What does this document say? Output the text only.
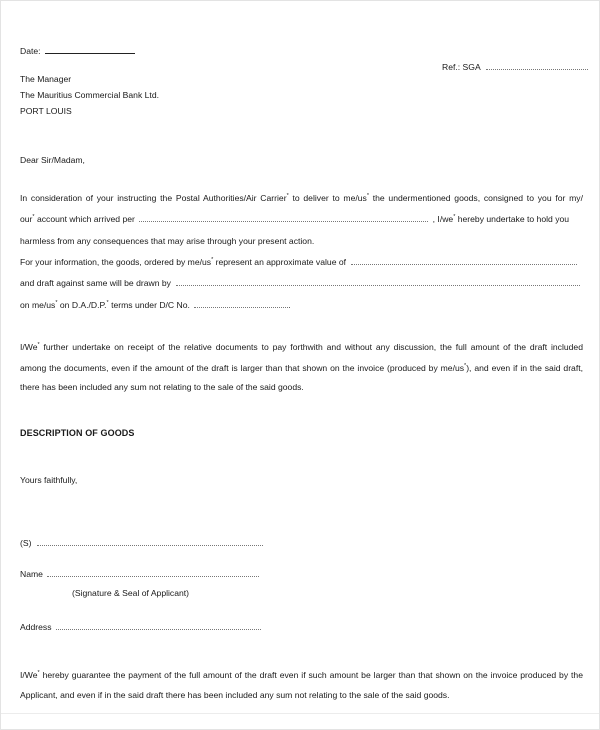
Date:
Ref.: SGA
The Manager
The Mauritius Commercial Bank Ltd.
PORT LOUIS
Dear Sir/Madam,
In consideration of your instructing the Postal Authorities/Air Carrier* to deliver to me/us* the undermentioned goods, consigned to you for my/
our* account which arrived per	, I/we* hereby undertake to hold you
harmless from any consequences that may arise through your present action.
For your information, the goods, ordered by me/us* represent an approximate value of
and draft against same will be drawn by
on me/us* on D.A./D.P.* terms under D/C No.	.
I/We* further undertake on receipt of the relative documents to pay forthwith and without any discussion, the full amount of the draft included
among the documents, even if the amount of the draft is larger than that shown on the invoice (produced by me/us*), and even if in the said draft,
there has been included any sum not relating to the sale of the said goods.
DESCRIPTION OF GOODS
Yours faithfully,
(S)
Name
(Signature & Seal of Applicant)
Address
I/We* hereby guarantee the payment of the full amount of the draft even if such amount be larger than that shown on the invoice produced by the
Applicant, and even if in the said draft there has been included any sum not relating to the sale of the said goods.
